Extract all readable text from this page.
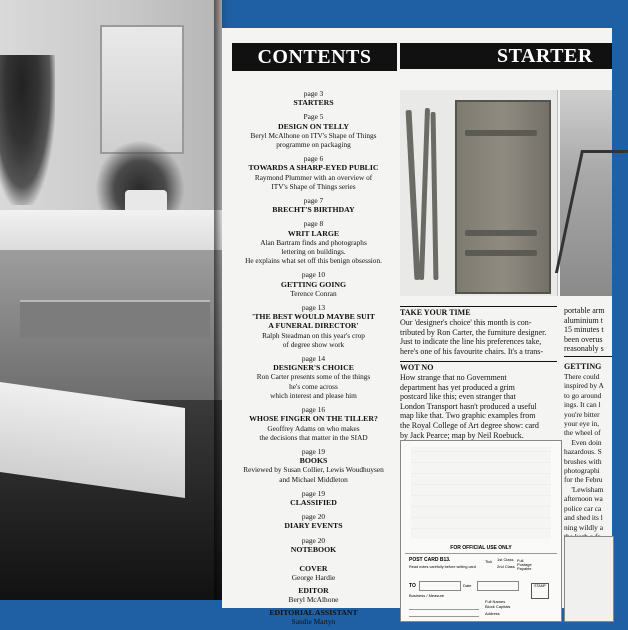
CONTENTS
page 3
STARTERS
Page 5
DESIGN ON TELLY
Beryl McAlhone on ITV's Shape of Things
programme on packaging
page 6
TOWARDS A SHARP-EYED PUBLIC
Raymond Plummer with an overview of
ITV's Shape of Things series
page 7
BRECHT'S BIRTHDAY
page 8
WRIT LARGE
Alan Bartram finds and photographs
lettering on buildings.
He explains what set off this benign obsession.
page 10
GETTING GOING
Terence Conran
page 13
'THE BEST WOULD MAYBE SUIT
A FUNERAL DIRECTOR'
Ralph Steadman on this year's crop
of degree show work
page 14
DESIGNER'S CHOICE
Ron Carter presents some of the things
he's come across
which interest and please him
page 16
WHOSE FINGER ON THE TILLER?
Geoffrey Adams on who makes
the decisions that matter in the SIAD
page 19
BOOKS
Reviewed by Susan Collier, Lewis Woudhuysen
and Michael Middleton
page 19
CLASSIFIED
page 20
DIARY EVENTS
page 20
NOTEBOOK
COVER
George Hardie
EDITOR
Beryl McAlhone
EDITORIAL ASSISTANT
Sandie Martyn
STARTER
TAKE YOUR TIME
Our 'designer's choice' this month is con-
tributed by Ron Carter, the furniture designer.
Just to indicate the line his preferences take,
here's one of his favourite chairs. It's a trans-
WOT NO
How strange that no Government
department has yet produced a grim
postcard like this; even stranger that
London Transport hasn't produced a useful
map like that. Two graphic examples from
the Royal College of Art degree show: card
by Jack Pearce; map by Neil Roebuck.
portable arm
aluminium t
15 minutes t
been overus
reasonably s
GETTING
There could
inspired by A
to go around
ings. It can l
you're bitter
your eye in,
the wheel of
Even doin
hazardous. S
brushes with
photographi
for the Febru
'Lewisham
afternoon wa
police car ca
and shed its l
ning wildly a
FOR OFFICIAL USE ONLY
POST CARD B13.
Read notes carefully before writing card
Tick 1st Class
2nd Class
Full Postage Payable
STAMP
TO	Date
Business / Measure
Full Names
Block Capitals
Address
